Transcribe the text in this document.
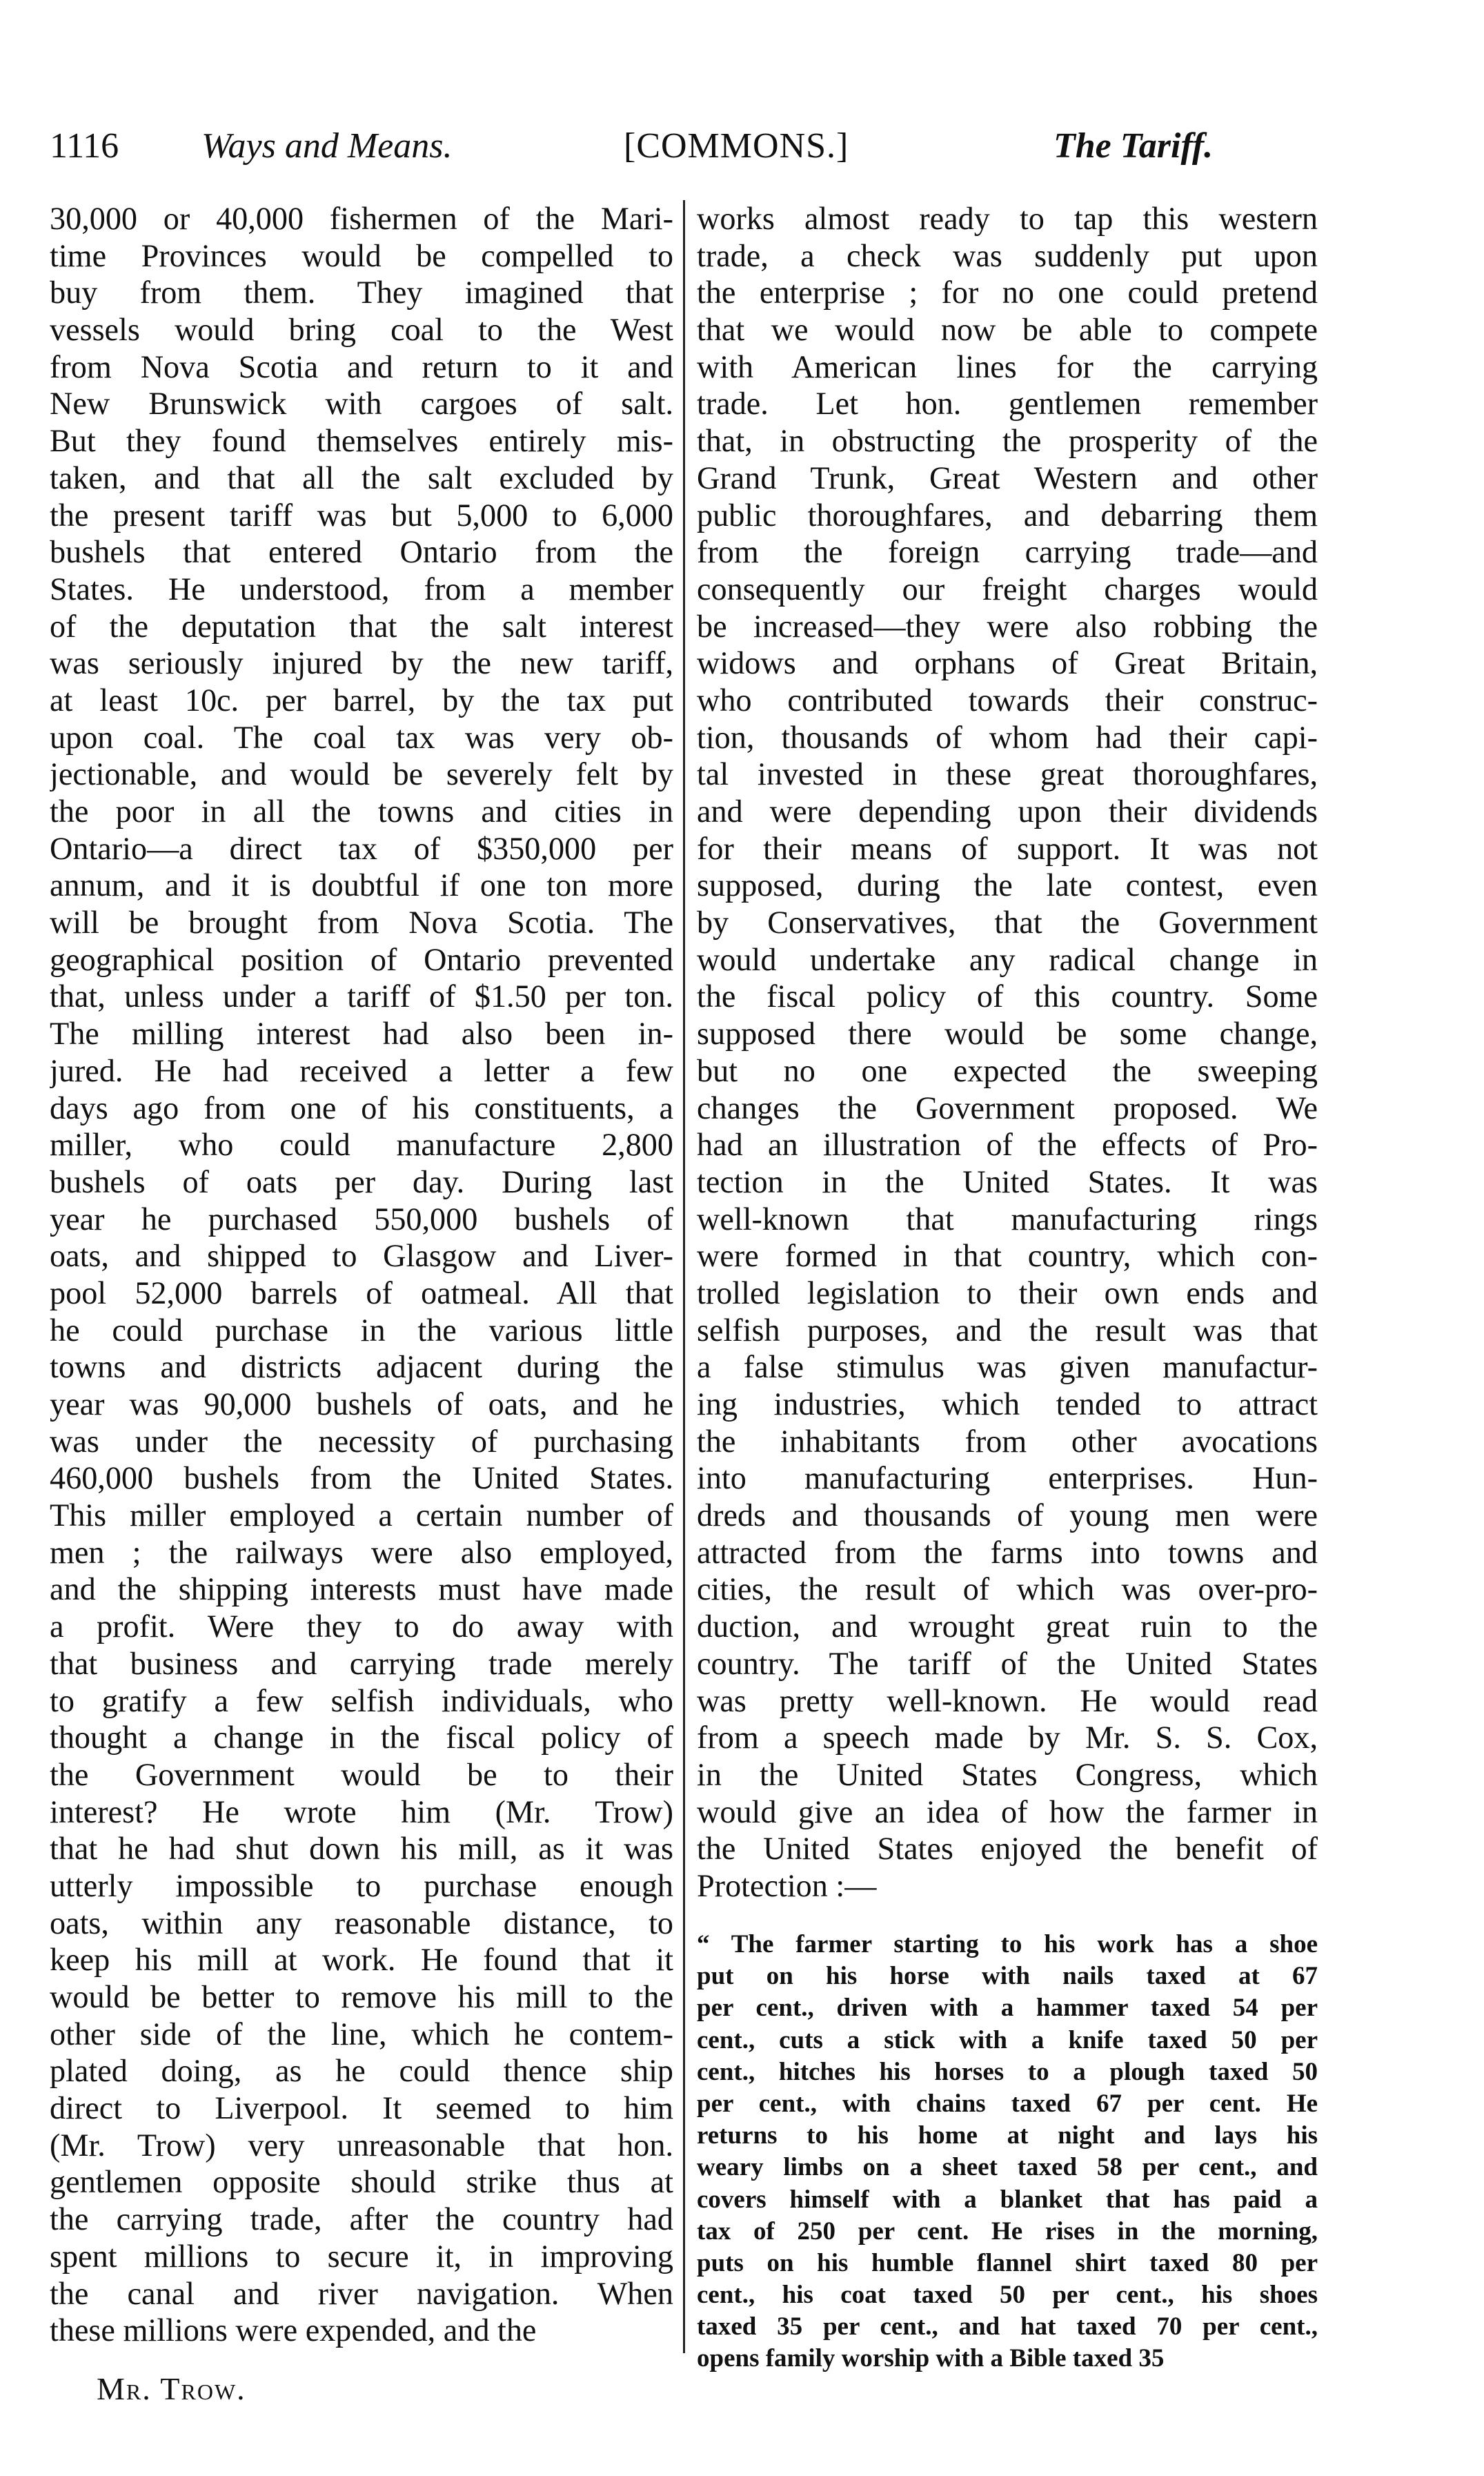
1116 Ways and Means.	[COMMONS.]	The Tariff.

30,000 or 40,000 fishermen of the Mari-
time Provinces would be compelled to
buy from them. They imagined that
vessels would bring coal to the West
from Nova Scotia and return to it and
New Brunswick with cargoes of salt.
But they found themselves entirely mis-
taken, and that all the salt excluded by
the present tariff was but 5,000 to 6,000
bushels that entered Ontario from the
States. He understood, from a member
of the deputation that the salt interest
was seriously injured by the new tariff,
at least 10c. per barrel, by the tax put
upon coal. The coal tax was very ob-
jectionable, and would be severely felt by
the poor in all the towns and cities in
Ontario—a direct tax of $350,000 per
annum, and it is doubtful if one ton more
will be brought from Nova Scotia. The
geographical position of Ontario prevented
that, unless under a tariff of $1.50 per ton.
The milling interest had also been in-
jured. He had received a letter a few
days ago from one of his constituents, a
miller, who could manufacture 2,800
bushels of oats per day. During last
year he purchased 550,000 bushels of
oats, and shipped to Glasgow and Liver-
pool 52,000 barrels of oatmeal. All that
he could purchase in the various little
towns and districts adjacent during the
year was 90,000 bushels of oats, and he
was under the necessity of purchasing
460,000 bushels from the United States.
This miller employed a certain number of
men ; the railways were also employed,
and the shipping interests must have made
a profit. Were they to do away with
that business and carrying trade merely
to gratify a few selfish individuals, who
thought a change in the fiscal policy of
the Government would be to their
interest? He wrote him (Mr. Trow)
that he had shut down his mill, as it was
utterly impossible to purchase enough
oats, within any reasonable distance, to
keep his mill at work. He found that it
would be better to remove his mill to the
other side of the line, which he contem-
plated doing, as he could thence ship
direct to Liverpool. It seemed to him
(Mr. Trow) very unreasonable that hon.
gentlemen opposite should strike thus at
the carrying trade, after the country had
spent millions to secure it, in improving
the canal and river navigation. When
these millions were expended, and the

works almost ready to tap this western
trade, a check was suddenly put upon
the enterprise ; for no one could pretend
that we would now be able to compete
with American lines for the carrying
trade. Let hon. gentlemen remember
that, in obstructing the prosperity of the
Grand Trunk, Great Western and other
public thoroughfares, and debarring them
from the foreign carrying trade—and
consequently our freight charges would
be increased—they were also robbing the
widows and orphans of Great Britain,
who contributed towards their construc-
tion, thousands of whom had their capi-
tal invested in these great thoroughfares,
and were depending upon their dividends
for their means of support. It was not
supposed, during the late contest, even
by Conservatives, that the Government
would undertake any radical change in
the fiscal policy of this country. Some
supposed there would be some change,
but no one expected the sweeping
changes the Government proposed. We
had an illustration of the effects of Pro-
tection in the United States. It was
well-known that manufacturing rings
were formed in that country, which con-
trolled legislation to their own ends and
selfish purposes, and the result was that
a false stimulus was given manufactur-
ing industries, which tended to attract
the inhabitants from other avocations
into manufacturing enterprises. Hun-
dreds and thousands of young men were
attracted from the farms into towns and
cities, the result of which was over-pro-
duction, and wrought great ruin to the
country. The tariff of the United States
was pretty well-known. He would read
from a speech made by Mr. S. S. Cox,
in the United States Congress, which
would give an idea of how the farmer in
the United States enjoyed the benefit of
Protection :—

“ The farmer starting to his work has a shoe
put on his horse with nails taxed at 67
per cent., driven with a hammer taxed 54 per
cent., cuts a stick with a knife taxed 50 per
cent., hitches his horses to a plough taxed 50
per cent., with chains taxed 67 per cent. He
returns to his home at night and lays his
weary limbs on a sheet taxed 58 per cent., and
covers himself with a blanket that has paid a
tax of 250 per cent. He rises in the morning,
puts on his humble flannel shirt taxed 80 per
cent., his coat taxed 50 per cent., his shoes
taxed 35 per cent., and hat taxed 70 per cent.,
opens family worship with a Bible taxed 35
Mr. Trow.
